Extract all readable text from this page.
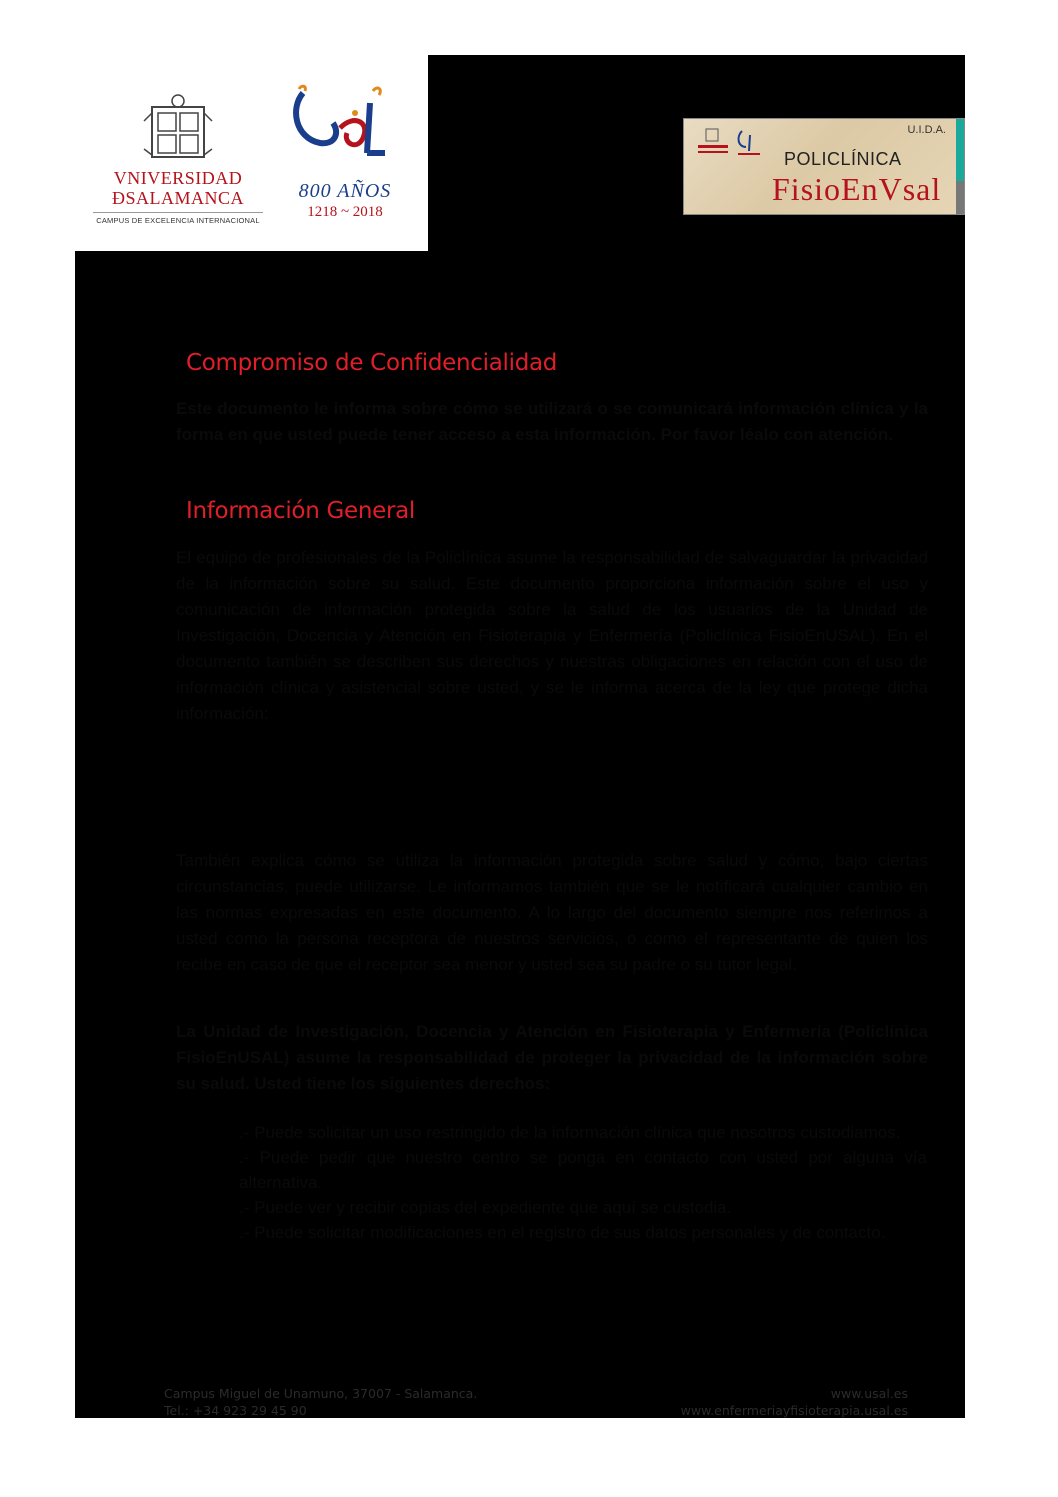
VNIVERSIDAD
ÐSALAMANCA
CAMPUS DE EXCELENCIA INTERNACIONAL
800 AÑOS
1218 ~ 2018
U.I.D.A.
POLICLÍNICA
FisioEnVsal
Compromiso de Confidencialidad

Este documento le informa sobre cómo se utilizará o se comunicará información clínica y la forma en que usted puede tener acceso a esta información. Por favor léalo con atención.

Información General

El equipo de profesionales de la Policlínica asume la responsabilidad de salvaguardar la privacidad de la información sobre su salud. Este documento proporciona información sobre el uso y comunicación de información protegida sobre la salud de los usuarios de la Unidad de Investigación, Docencia y Atención en Fisioterapia y Enfermería (Policlínica FisioEnUSAL). En el documento también se describen sus derechos y nuestras obligaciones en relación con el uso de información clínica y asistencial sobre usted, y se le informa acerca de la ley que protege dicha información:

También explica cómo se utiliza la información protegida sobre salud y cómo, bajo ciertas circunstancias, puede utilizarse. Le informamos también que se le notificará cualquier cambio en las normas expresadas en este documento. A lo largo del documento siempre nos referimos a usted como la persona receptora de nuestros servicios, o como el representante de quien los recibe en caso de que el receptor sea menor y usted sea su padre o su tutor legal.

La Unidad de Investigación, Docencia y Atención en Fisioterapia y Enfermería (Policlínica FisioEnUSAL) asume la responsabilidad de proteger la privacidad de la información sobre su salud. Usted tiene los siguientes derechos:

.- Puede solicitar un uso restringido de la información clínica que nosotros custodiamos.
.- Puede pedir que nuestro centro se ponga en contacto con usted por alguna vía alternativa.
.- Puede ver y recibir copias del expediente que aquí se custodia.
.- Puede solicitar modificaciones en el registro de sus datos personales y de contacto.
Campus Miguel de Unamuno, 37007 - Salamanca.
Tel.: +34 923 29 45 90
www.usal.es
www.enfermeriayfisioterapia.usal.es
